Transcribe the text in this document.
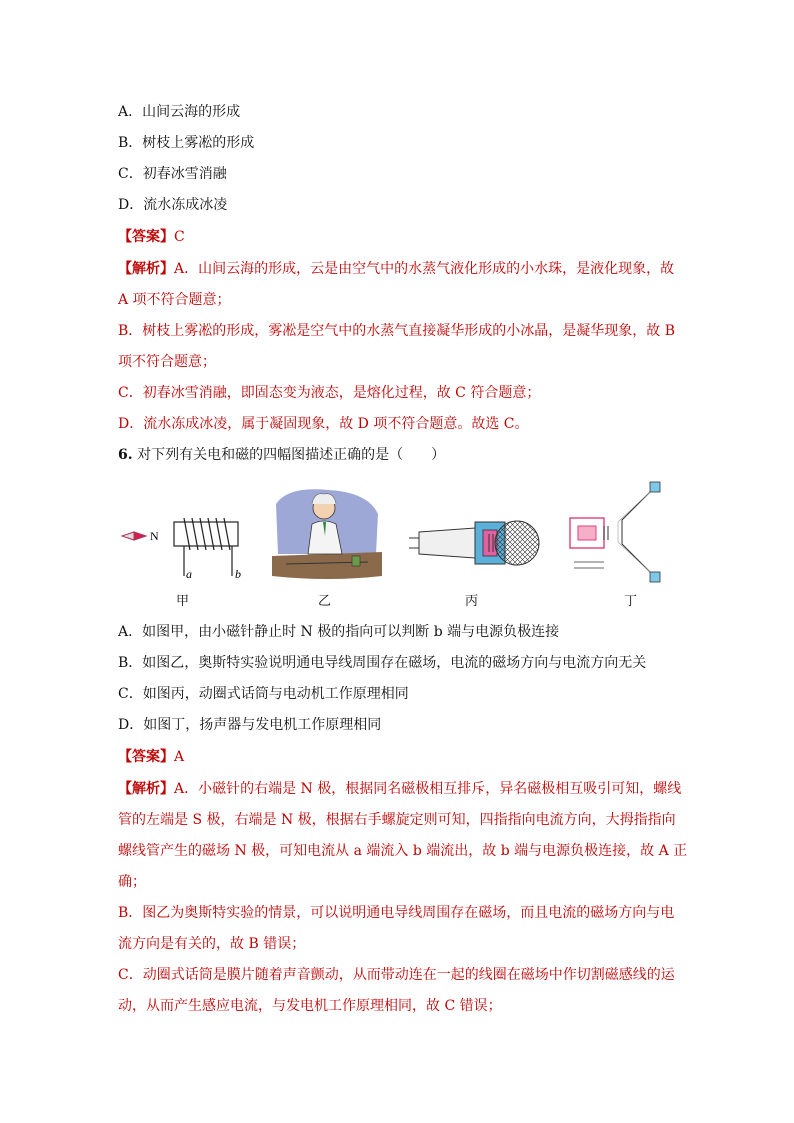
A．山间云海的形成
B．树枝上雾凇的形成
C．初春冰雪消融
D．流水冻成冰凌
【答案】C
【解析】A．山间云海的形成，云是由空气中的水蒸气液化形成的小水珠，是液化现象，故
A 项不符合题意；
B．树枝上雾凇的形成，雾凇是空气中的水蒸气直接凝华形成的小冰晶，是凝华现象，故 B
项不符合题意；
C．初春冰雪消融，即固态变为液态，是熔化过程，故 C 符合题意；
D．流水冻成冰凌，属于凝固现象，故 D 项不符合题意。故选 C。
6. 对下列有关电和磁的四幅图描述正确的是（　　）
N
a	b
甲	乙	丙	丁
A．如图甲，由小磁针静止时 N 极的指向可以判断 b 端与电源负极连接
B．如图乙，奥斯特实验说明通电导线周围存在磁场，电流的磁场方向与电流方向无关
C．如图丙，动圈式话筒与电动机工作原理相同
D．如图丁，扬声器与发电机工作原理相同
【答案】A
【解析】A．小磁针的右端是 N 极，根据同名磁极相互排斥，异名磁极相互吸引可知，螺线
管的左端是 S 极，右端是 N 极，根据右手螺旋定则可知，四指指向电流方向，大拇指指向
螺线管产生的磁场 N 极，可知电流从 a 端流入 b 端流出，故 b 端与电源负极连接，故 A 正
确；
B．图乙为奥斯特实验的情景，可以说明通电导线周围存在磁场，而且电流的磁场方向与电
流方向是有关的，故 B 错误；
C．动圈式话筒是膜片随着声音颤动，从而带动连在一起的线圈在磁场中作切割磁感线的运
动，从而产生感应电流，与发电机工作原理相同，故 C 错误；
